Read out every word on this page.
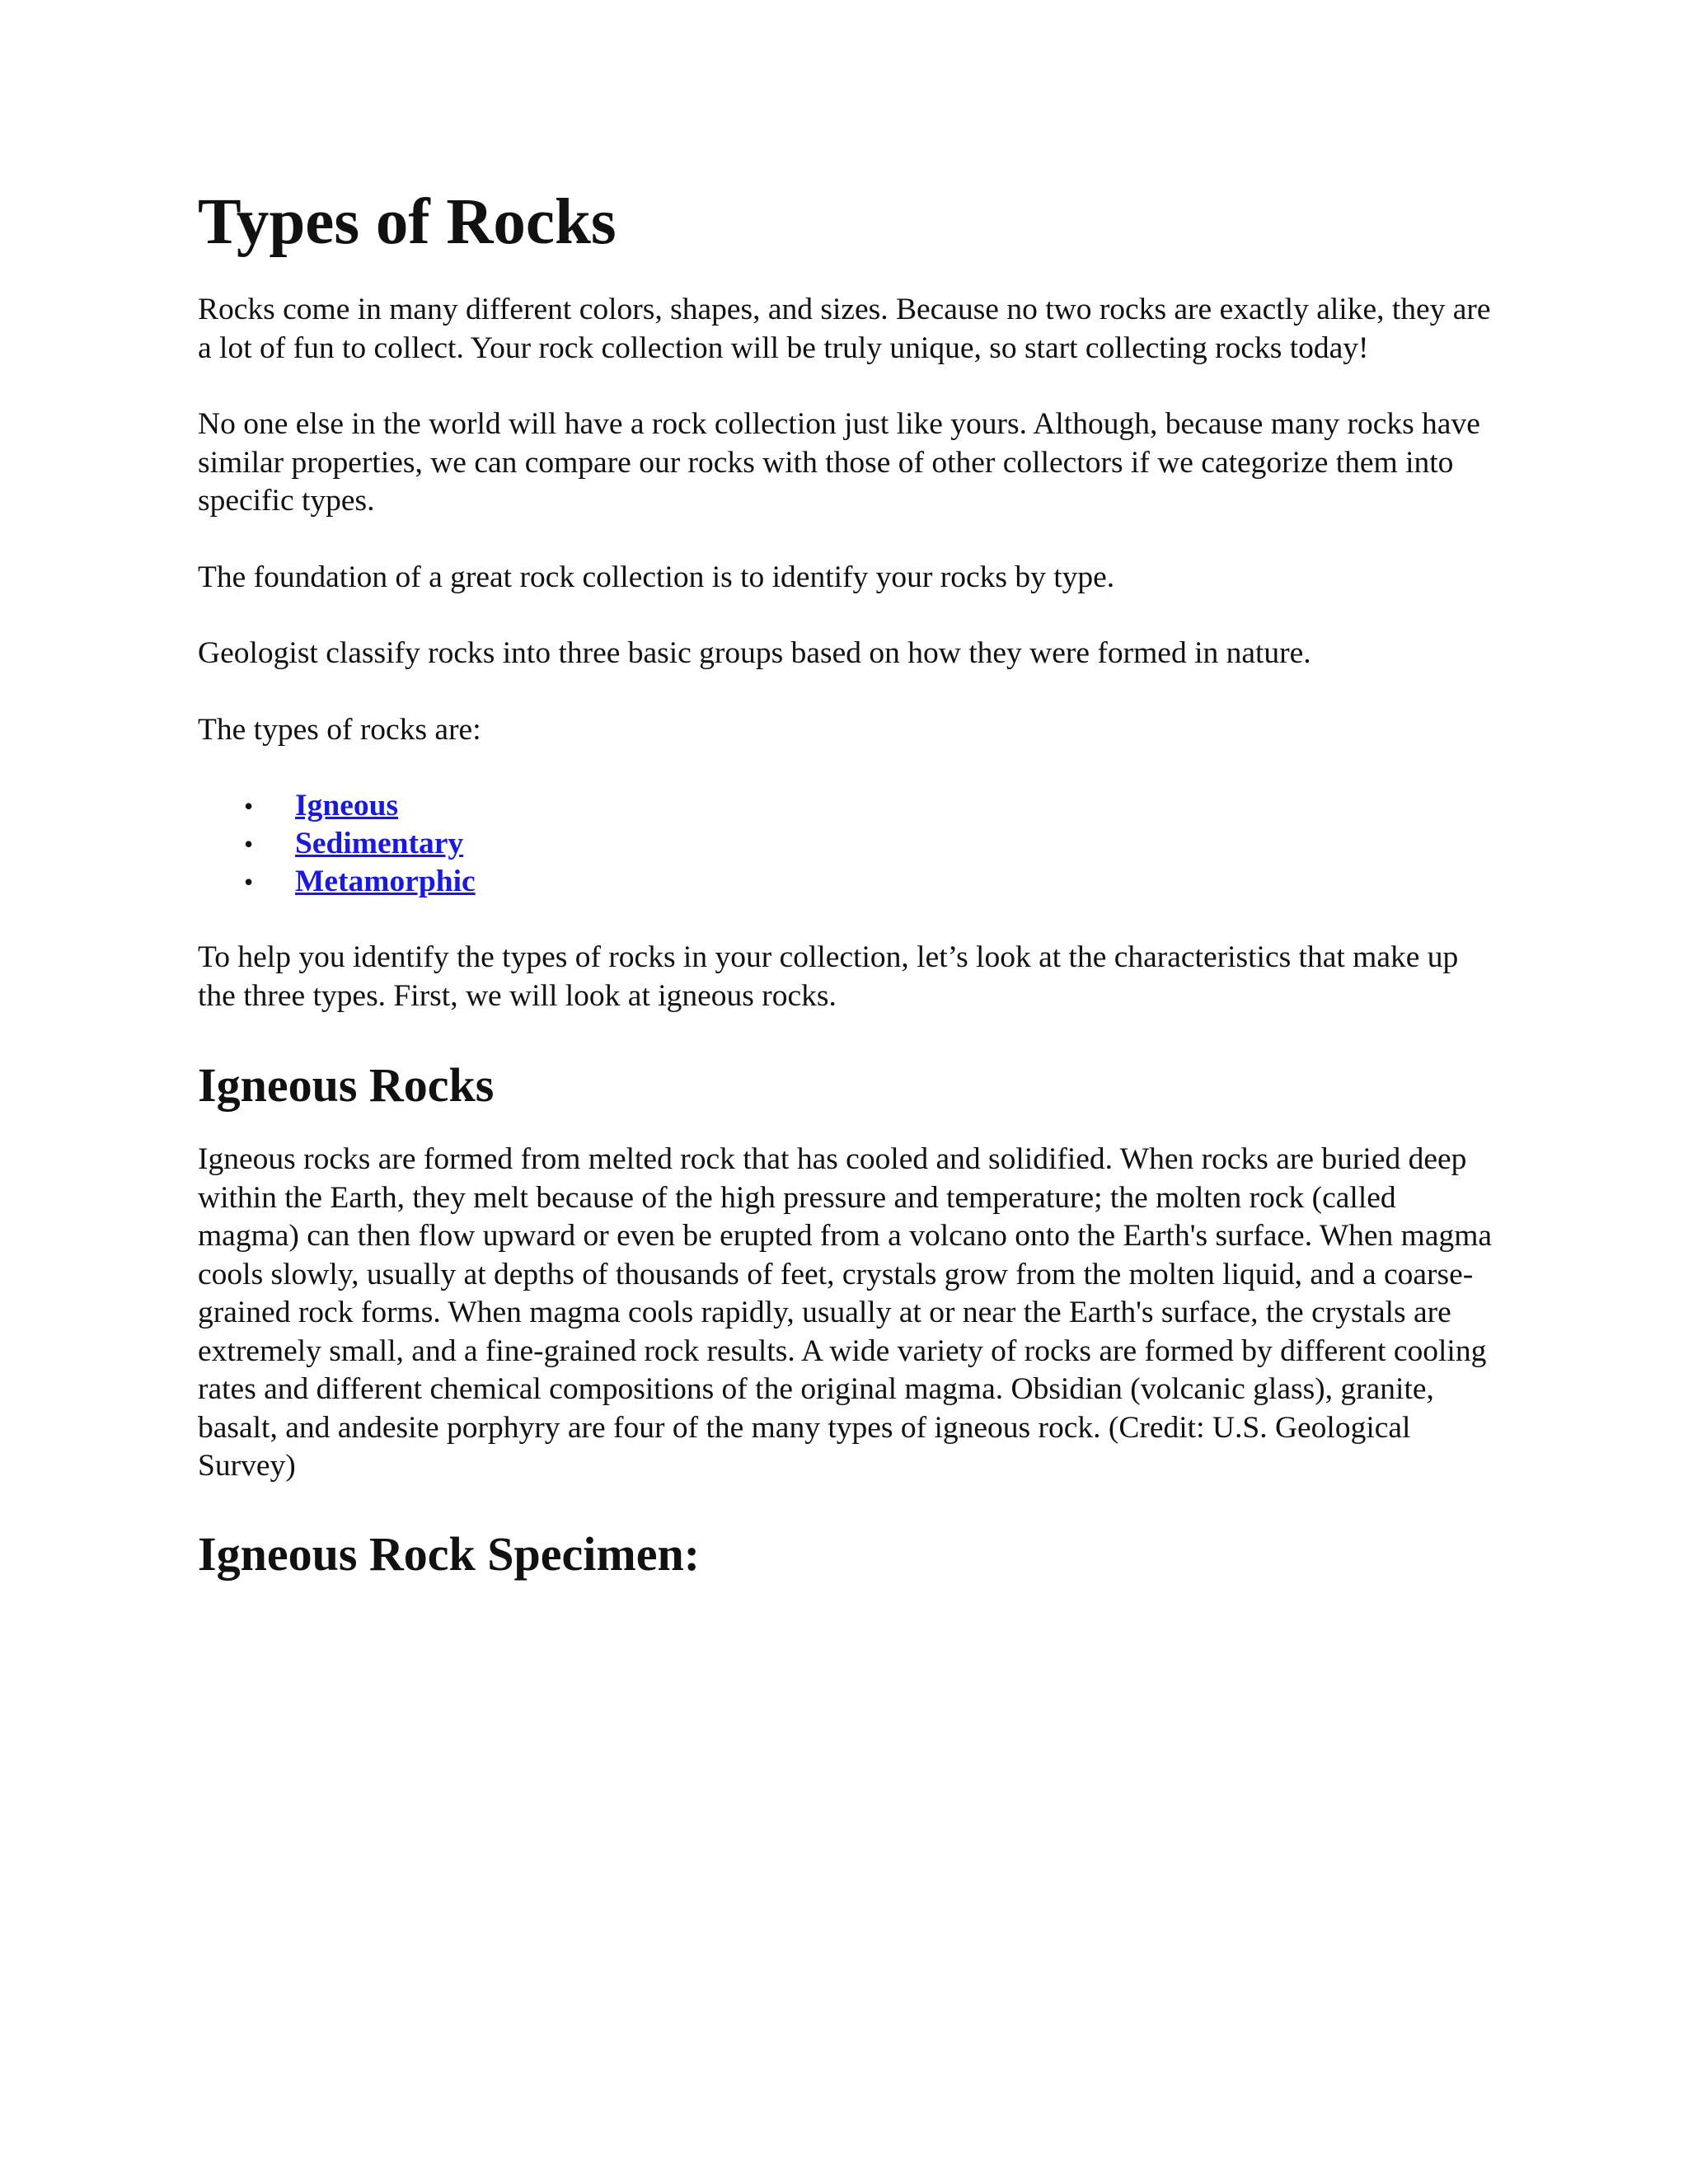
Types of Rocks

Rocks come in many different colors, shapes, and sizes. Because no two rocks are exactly alike, they are a lot of fun to collect. Your rock collection will be truly unique, so start collecting rocks today!

No one else in the world will have a rock collection just like yours. Although, because many rocks have similar properties, we can compare our rocks with those of other collectors if we categorize them into specific types.

The foundation of a great rock collection is to identify your rocks by type.

Geologist classify rocks into three basic groups based on how they were formed in nature.

The types of rocks are:

• Igneous
• Sedimentary
• Metamorphic

To help you identify the types of rocks in your collection, let’s look at the characteristics that make up the three types. First, we will look at igneous rocks.

Igneous Rocks

Igneous rocks are formed from melted rock that has cooled and solidified. When rocks are buried deep within the Earth, they melt because of the high pressure and temperature; the molten rock (called magma) can then flow upward or even be erupted from a volcano onto the Earth's surface. When magma cools slowly, usually at depths of thousands of feet, crystals grow from the molten liquid, and a coarse-grained rock forms. When magma cools rapidly, usually at or near the Earth's surface, the crystals are extremely small, and a fine-grained rock results. A wide variety of rocks are formed by different cooling rates and different chemical compositions of the original magma. Obsidian (volcanic glass), granite, basalt, and andesite porphyry are four of the many types of igneous rock. (Credit: U.S. Geological Survey)

Igneous Rock Specimen:
